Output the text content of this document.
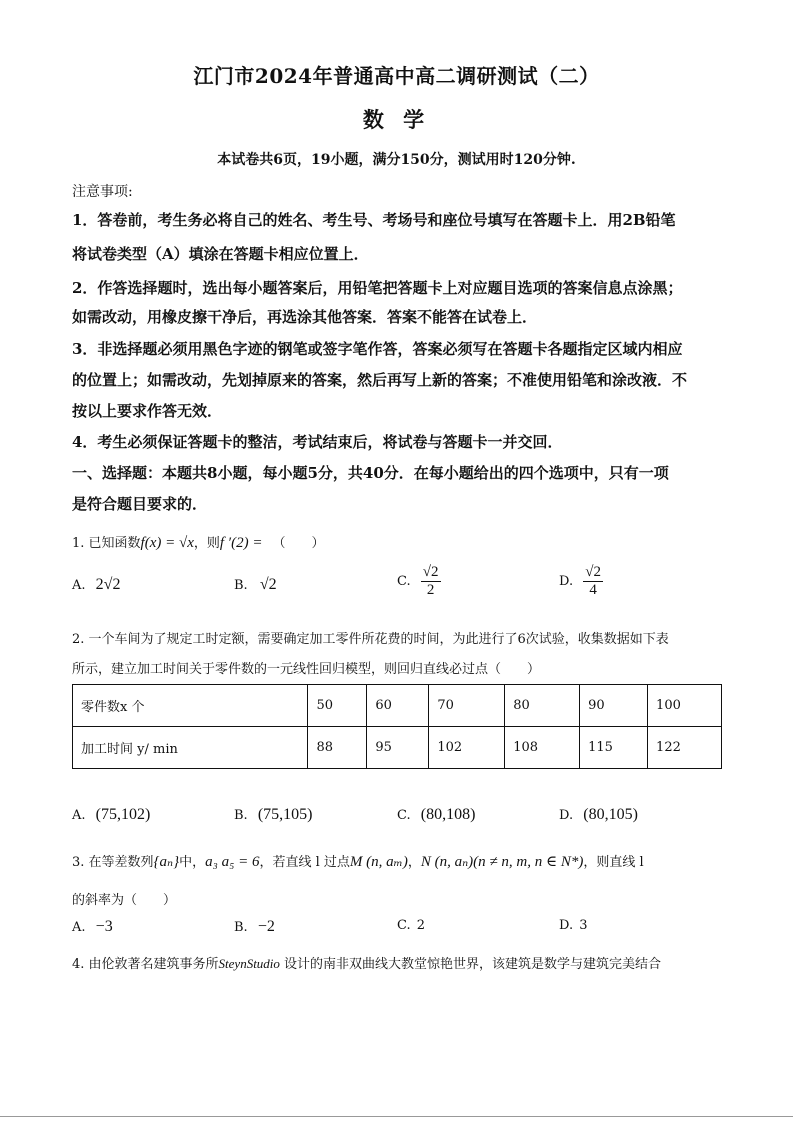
江门市2024年普通高中高二调研测试（二）
数 学
本试卷共6页，19小题，满分150分，测试用时120分钟.
注意事项:
1．答卷前，考生务必将自己的姓名、考生号、考场号和座位号填写在答题卡上．用2B铅笔
将试卷类型（A）填涂在答题卡相应位置上．
2．作答选择题时，选出每小题答案后，用铅笔把答题卡上对应题目选项的答案信息点涂黑；
如需改动，用橡皮擦干净后，再选涂其他答案．答案不能答在试卷上．
3．非选择题必须用黑色字迹的钢笔或签字笔作答，答案必须写在答题卡各题指定区域内相应
的位置上；如需改动，先划掉原来的答案，然后再写上新的答案；不准使用铅笔和涂改液．不
按以上要求作答无效．
4．考生必须保证答题卡的整洁，考试结束后，将试卷与答题卡一并交回．
一、选择题：本题共8小题，每小题5分，共40分．在每小题给出的四个选项中，只有一项
是符合题目要求的．
1. 已知函数f(x) = √x，则f ′(2) = （　　）
A. 2√2	B. √2	C. $\frac{√2}{2}$	D. $\frac{√2}{4}$
2. 一个车间为了规定工时定额，需要确定加工零件所花费的时间，为此进行了6次试验，收集数据如下表
所示，建立加工时间关于零件数的一元线性回归模型，则回归直线必过点（　　）
零件数x 个	50	60	70	80	90	100
加工时间 y/ min	88	95	102	108	115	122
A. (75,102)	B. (75,105)	C. (80,108)	D. (80,105)
3. 在等差数列{aₙ}中，a₃ a₅ = 6，若直线 l 过点M (n, aₘ)，N (n, aₙ)(n ≠ n, m, n ∈ N*)，则直线 l
的斜率为（　　）
A. −3	B. −2	C. 2	D. 3
4. 由伦敦著名建筑事务所SteynStudio 设计的南非双曲线大教堂惊艳世界，该建筑是数学与建筑完美结合
